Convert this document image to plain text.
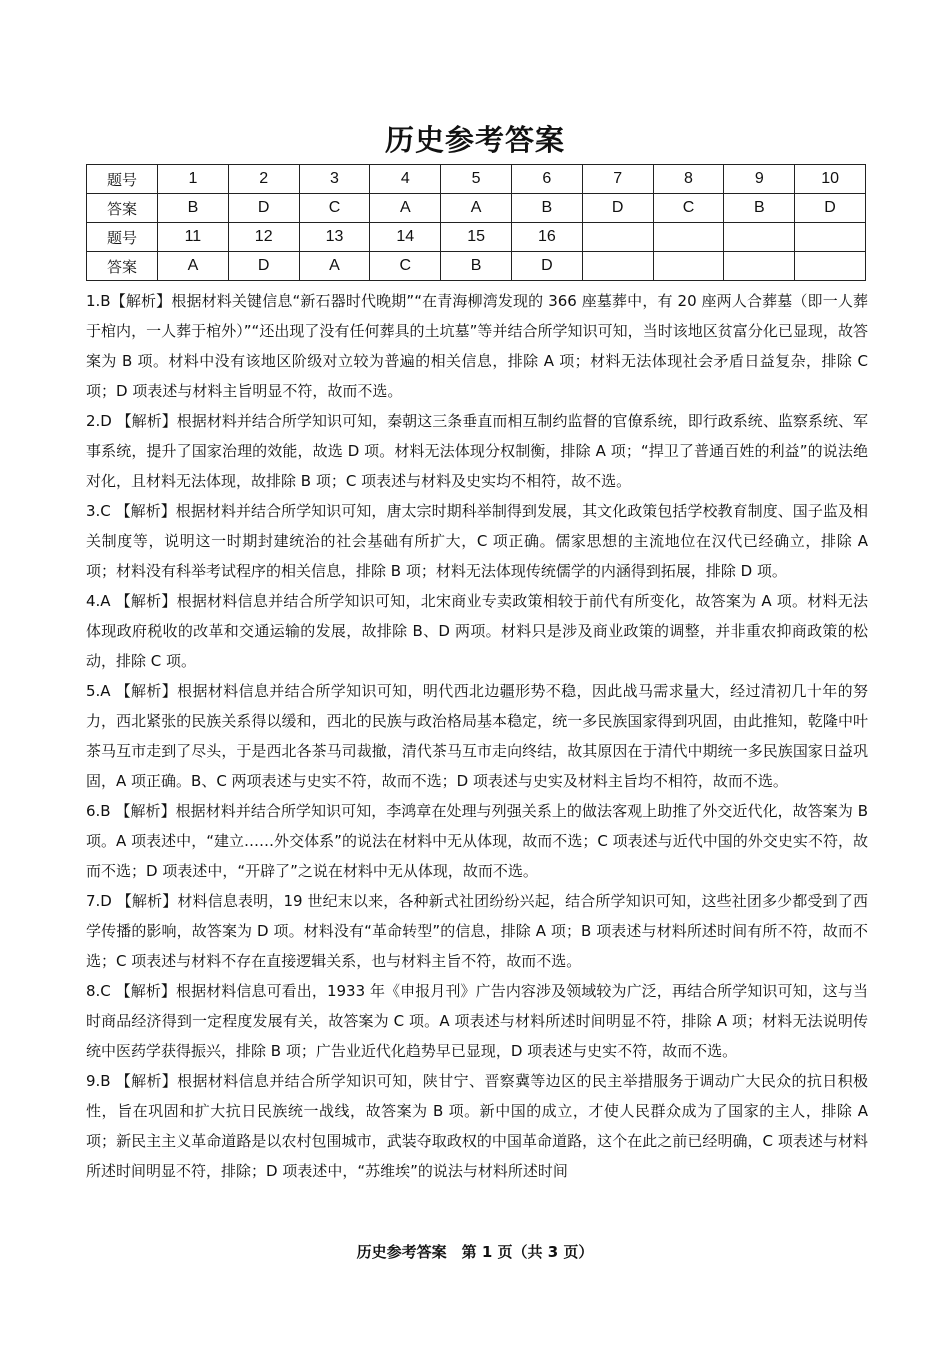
历史参考答案
题号	1	2	3	4	5	6	7	8	9	10
答案	B	D	C	A	A	B	D	C	B	D
题号	11	12	13	14	15	16				
答案	A	D	A	C	B	D				

1.B【解析】根据材料关键信息“新石器时代晚期”“在青海柳湾发现的 366 座墓葬中，有 20 座两人合葬墓（即一人葬于棺内，一人葬于棺外）”“还出现了没有任何葬具的土坑墓”等并结合所学知识可知，当时该地区贫富分化已显现，故答案为 B 项。材料中没有该地区阶级对立较为普遍的相关信息，排除 A 项；材料无法体现社会矛盾日益复杂，排除 C 项；D 项表述与材料主旨明显不符，故而不选。

2.D 【解析】根据材料并结合所学知识可知，秦朝这三条垂直而相互制约监督的官僚系统，即行政系统、监察系统、军事系统，提升了国家治理的效能，故选 D 项。材料无法体现分权制衡，排除 A 项；“捍卫了普通百姓的利益”的说法绝对化，且材料无法体现，故排除 B 项；C 项表述与材料及史实均不相符，故不选。

3.C 【解析】根据材料并结合所学知识可知，唐太宗时期科举制得到发展，其文化政策包括学校教育制度、国子监及相关制度等，说明这一时期封建统治的社会基础有所扩大，C 项正确。儒家思想的主流地位在汉代已经确立，排除 A 项；材料没有科举考试程序的相关信息，排除 B 项；材料无法体现传统儒学的内涵得到拓展，排除 D 项。

4.A 【解析】根据材料信息并结合所学知识可知，北宋商业专卖政策相较于前代有所变化，故答案为 A 项。材料无法体现政府税收的改革和交通运输的发展，故排除 B、D 两项。材料只是涉及商业政策的调整，并非重农抑商政策的松动，排除 C 项。

5.A 【解析】根据材料信息并结合所学知识可知，明代西北边疆形势不稳，因此战马需求量大，经过清初几十年的努力，西北紧张的民族关系得以缓和，西北的民族与政治格局基本稳定，统一多民族国家得到巩固，由此推知，乾隆中叶茶马互市走到了尽头，于是西北各茶马司裁撤，清代茶马互市走向终结，故其原因在于清代中期统一多民族国家日益巩固，A 项正确。B、C 两项表述与史实不符，故而不选；D 项表述与史实及材料主旨均不相符，故而不选。

6.B 【解析】根据材料并结合所学知识可知，李鸿章在处理与列强关系上的做法客观上助推了外交近代化，故答案为 B 项。A 项表述中，“建立……外交体系”的说法在材料中无从体现，故而不选；C 项表述与近代中国的外交史实不符，故而不选；D 项表述中，“开辟了”之说在材料中无从体现，故而不选。

7.D 【解析】材料信息表明，19 世纪末以来，各种新式社团纷纷兴起，结合所学知识可知，这些社团多少都受到了西学传播的影响，故答案为 D 项。材料没有“革命转型”的信息，排除 A 项；B 项表述与材料所述时间有所不符，故而不选；C 项表述与材料不存在直接逻辑关系，也与材料主旨不符，故而不选。

8.C 【解析】根据材料信息可看出，1933 年《申报月刊》广告内容涉及领域较为广泛，再结合所学知识可知，这与当时商品经济得到一定程度发展有关，故答案为 C 项。A 项表述与材料所述时间明显不符，排除 A 项；材料无法说明传统中医药学获得振兴，排除 B 项；广告业近代化趋势早已显现，D 项表述与史实不符，故而不选。

9.B 【解析】根据材料信息并结合所学知识可知，陕甘宁、晋察冀等边区的民主举措服务于调动广大民众的抗日积极性，旨在巩固和扩大抗日民族统一战线，故答案为 B 项。新中国的成立，才使人民群众成为了国家的主人，排除 A 项；新民主主义革命道路是以农村包围城市，武装夺取政权的中国革命道路，这个在此之前已经明确，C 项表述与材料所述时间明显不符，排除；D 项表述中，“苏维埃”的说法与材料所述时间

历史参考答案　第 1 页（共 3 页）
